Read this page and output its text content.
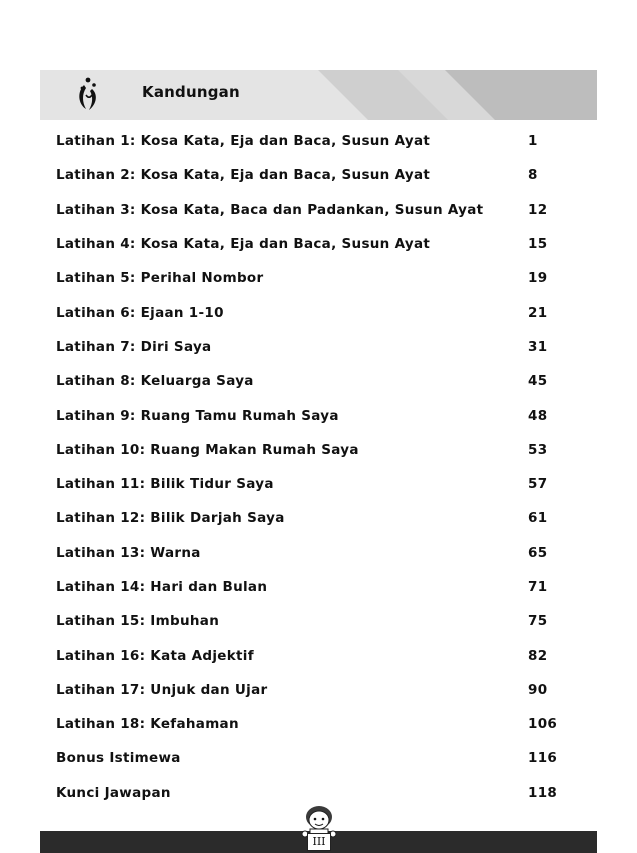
Kandungan
Latihan 1: Kosa Kata, Eja dan Baca, Susun Ayat	1
Latihan 2: Kosa Kata, Eja dan Baca, Susun Ayat	8
Latihan 3: Kosa Kata, Baca dan Padankan, Susun Ayat	12
Latihan 4: Kosa Kata, Eja dan Baca, Susun Ayat	15
Latihan 5: Perihal Nombor	19
Latihan 6: Ejaan 1-10	21
Latihan 7: Diri Saya	31
Latihan 8: Keluarga Saya	45
Latihan 9: Ruang Tamu Rumah Saya	48
Latihan 10: Ruang Makan Rumah Saya	53
Latihan 11: Bilik Tidur Saya	57
Latihan 12: Bilik Darjah Saya	61
Latihan 13: Warna	65
Latihan 14: Hari dan Bulan	71
Latihan 15: Imbuhan	75
Latihan 16: Kata Adjektif	82
Latihan 17: Unjuk dan Ujar	90
Latihan 18: Kefahaman	106
Bonus Istimewa	116
Kunci Jawapan	118
III
